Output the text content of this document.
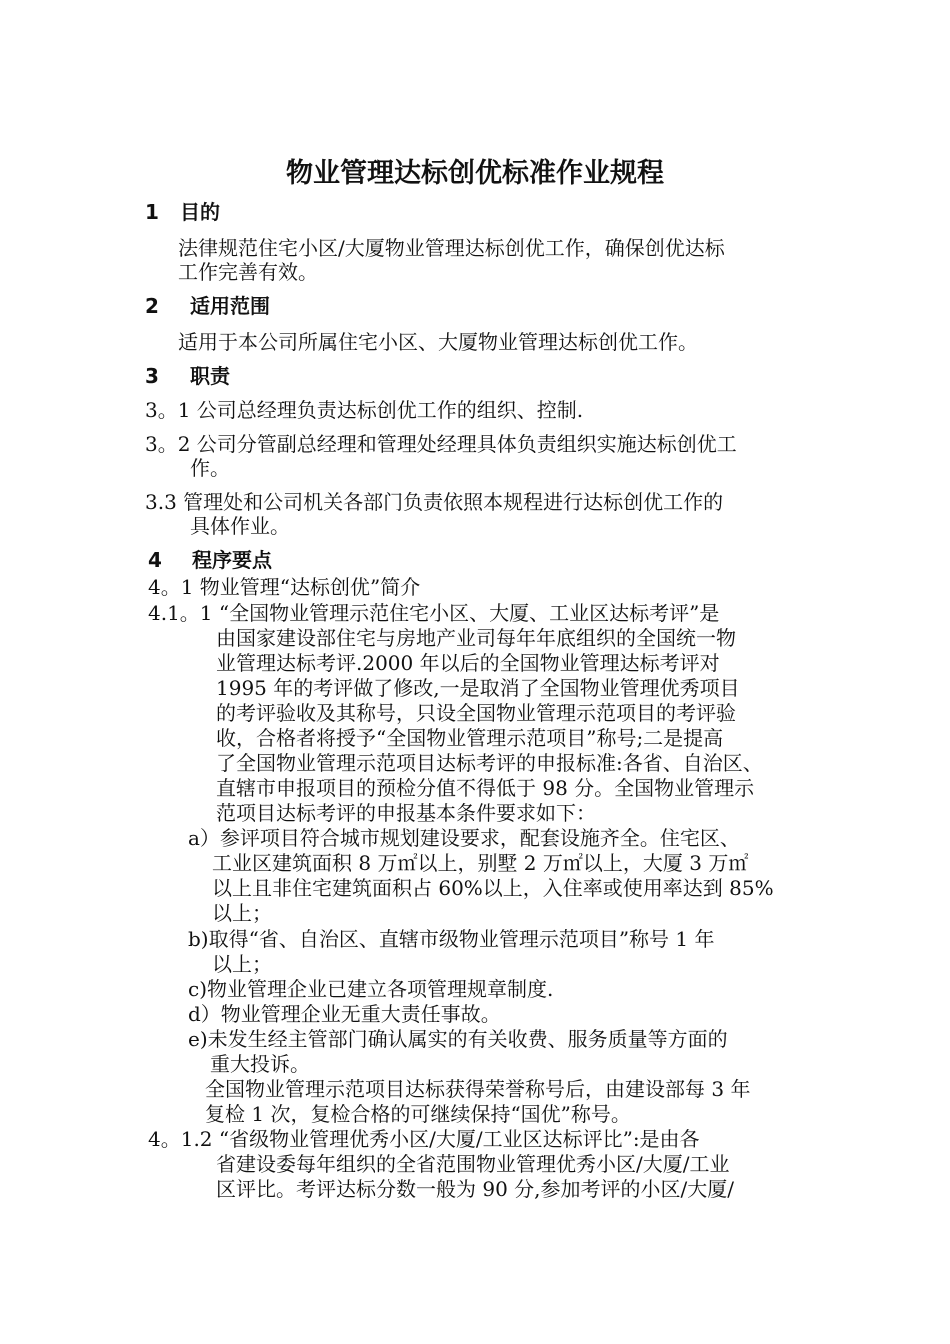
物业管理达标创优标准作业规程

1 目的

法律规范住宅小区/大厦物业管理达标创优工作，确保创优达标

工作完善有效。

2 适用范围

适用于本公司所属住宅小区、大厦物业管理达标创优工作。

3 职责

3。1 公司总经理负责达标创优工作的组织、控制.

3。2 公司分管副总经理和管理处经理具体负责组织实施达标创优工

作。

3.3 管理处和公司机关各部门负责依照本规程进行达标创优工作的

具体作业。

4 程序要点

4。1 物业管理“达标创优”简介

4.1。1 “全国物业管理示范住宅小区、大厦、工业区达标考评”是

由国家建设部住宅与房地产业司每年年底组织的全国统一物

业管理达标考评.2000 年以后的全国物业管理达标考评对

1995 年的考评做了修改,一是取消了全国物业管理优秀项目

的考评验收及其称号，只设全国物业管理示范项目的考评验

收，合格者将授予“全国物业管理示范项目”称号;二是提高

了全国物业管理示范项目达标考评的申报标准:各省、自治区、

直辖市申报项目的预检分值不得低于 98 分。全国物业管理示

范项目达标考评的申报基本条件要求如下：

a）参评项目符合城市规划建设要求，配套设施齐全。住宅区、

工业区建筑面积 8 万㎡以上，别墅 2 万㎡以上，大厦 3 万㎡

以上且非住宅建筑面积占 60%以上，入住率或使用率达到 85%

以上；

b)取得“省、自治区、直辖市级物业管理示范项目”称号 1 年

以上；

c)物业管理企业已建立各项管理规章制度.

d）物业管理企业无重大责任事故。

e)未发生经主管部门确认属实的有关收费、服务质量等方面的

重大投诉。

全国物业管理示范项目达标获得荣誉称号后，由建设部每 3 年

复检 1 次，复检合格的可继续保持“国优”称号。

4。1.2 “省级物业管理优秀小区/大厦/工业区达标评比”:是由各

省建设委每年组织的全省范围物业管理优秀小区/大厦/工业

区评比。考评达标分数一般为 90 分,参加考评的小区/大厦/
